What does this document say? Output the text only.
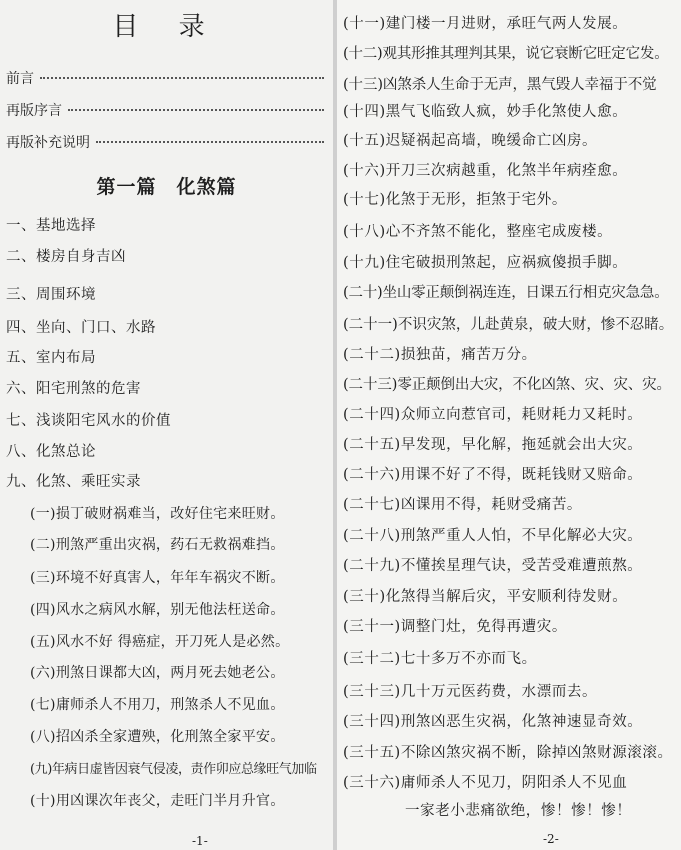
目 录
前言
再版序言
再版补充说明
第一篇　化煞篇
一、基地选择
二、楼房自身吉凶
三、周围环境
四、坐向、门口、水路
五、室内布局
六、阳宅刑煞的危害
七、浅谈阳宅风水的价值
八、化煞总论
九、化煞、乘旺实录
(一)损丁破财祸难当，改好住宅来旺财。
(二)刑煞严重出灾祸，药石无救祸难挡。
(三)环境不好真害人，年年车祸灾不断。
(四)风水之病风水解，别无他法枉送命。
(五)风水不好 得癌症，开刀死人是必然。
(六)刑煞日课都大凶，两月死去她老公。
(七)庸师杀人不用刀，刑煞杀人不见血。
(八)招凶杀全家遭殃，化刑煞全家平安。
(九)年病日虚皆因衰气侵凌，责作卯应总缘旺气加临
(十)用凶课次年丧父，走旺门半月升官。
-1-
(十一)建门楼一月进财，承旺气两人发展。
(十二)观其形推其理判其果，说它衰断它旺定它发。
(十三)凶煞杀人生命于无声，黑气毁人幸福于不觉
(十四)黑气飞临致人疯，妙手化煞使人愈。
(十五)迟疑祸起高墙，晚缓命亡凶房。
(十六)开刀三次病越重，化煞半年病痊愈。
(十七)化煞于无形，拒煞于宅外。
(十八)心不齐煞不能化，整座宅成废楼。
(十九)住宅破损刑煞起，应祸疯傻损手脚。
(二十)坐山零正颠倒祸连连，日课五行相克灾急急。
(二十一)不识灾煞，儿赴黄泉，破大财，惨不忍睹。
(二十二)损独苗，痛苦万分。
(二十三)零正颠倒出大灾，不化凶煞、灾、灾、灾。
(二十四)众师立向惹官司，耗财耗力又耗时。
(二十五)早发现，早化解，拖延就会出大灾。
(二十六)用课不好了不得，既耗钱财又赔命。
(二十七)凶课用不得，耗财受痛苦。
(二十八)刑煞严重人人怕，不早化解必大灾。
(二十九)不懂挨星理气诀，受苦受难遭煎熬。
(三十)化煞得当解后灾，平安顺利待发财。
(三十一)调整门灶，免得再遭灾。
(三十二)七十多万不亦而飞。
(三十三)几十万元医药费，水漂而去。
(三十四)刑煞凶恶生灾祸，化煞神速显奇效。
(三十五)不除凶煞灾祸不断，除掉凶煞财源滚滚。
(三十六)庸师杀人不见刀，阴阳杀人不见血
一家老小悲痛欲绝，惨！惨！惨！
-2-
